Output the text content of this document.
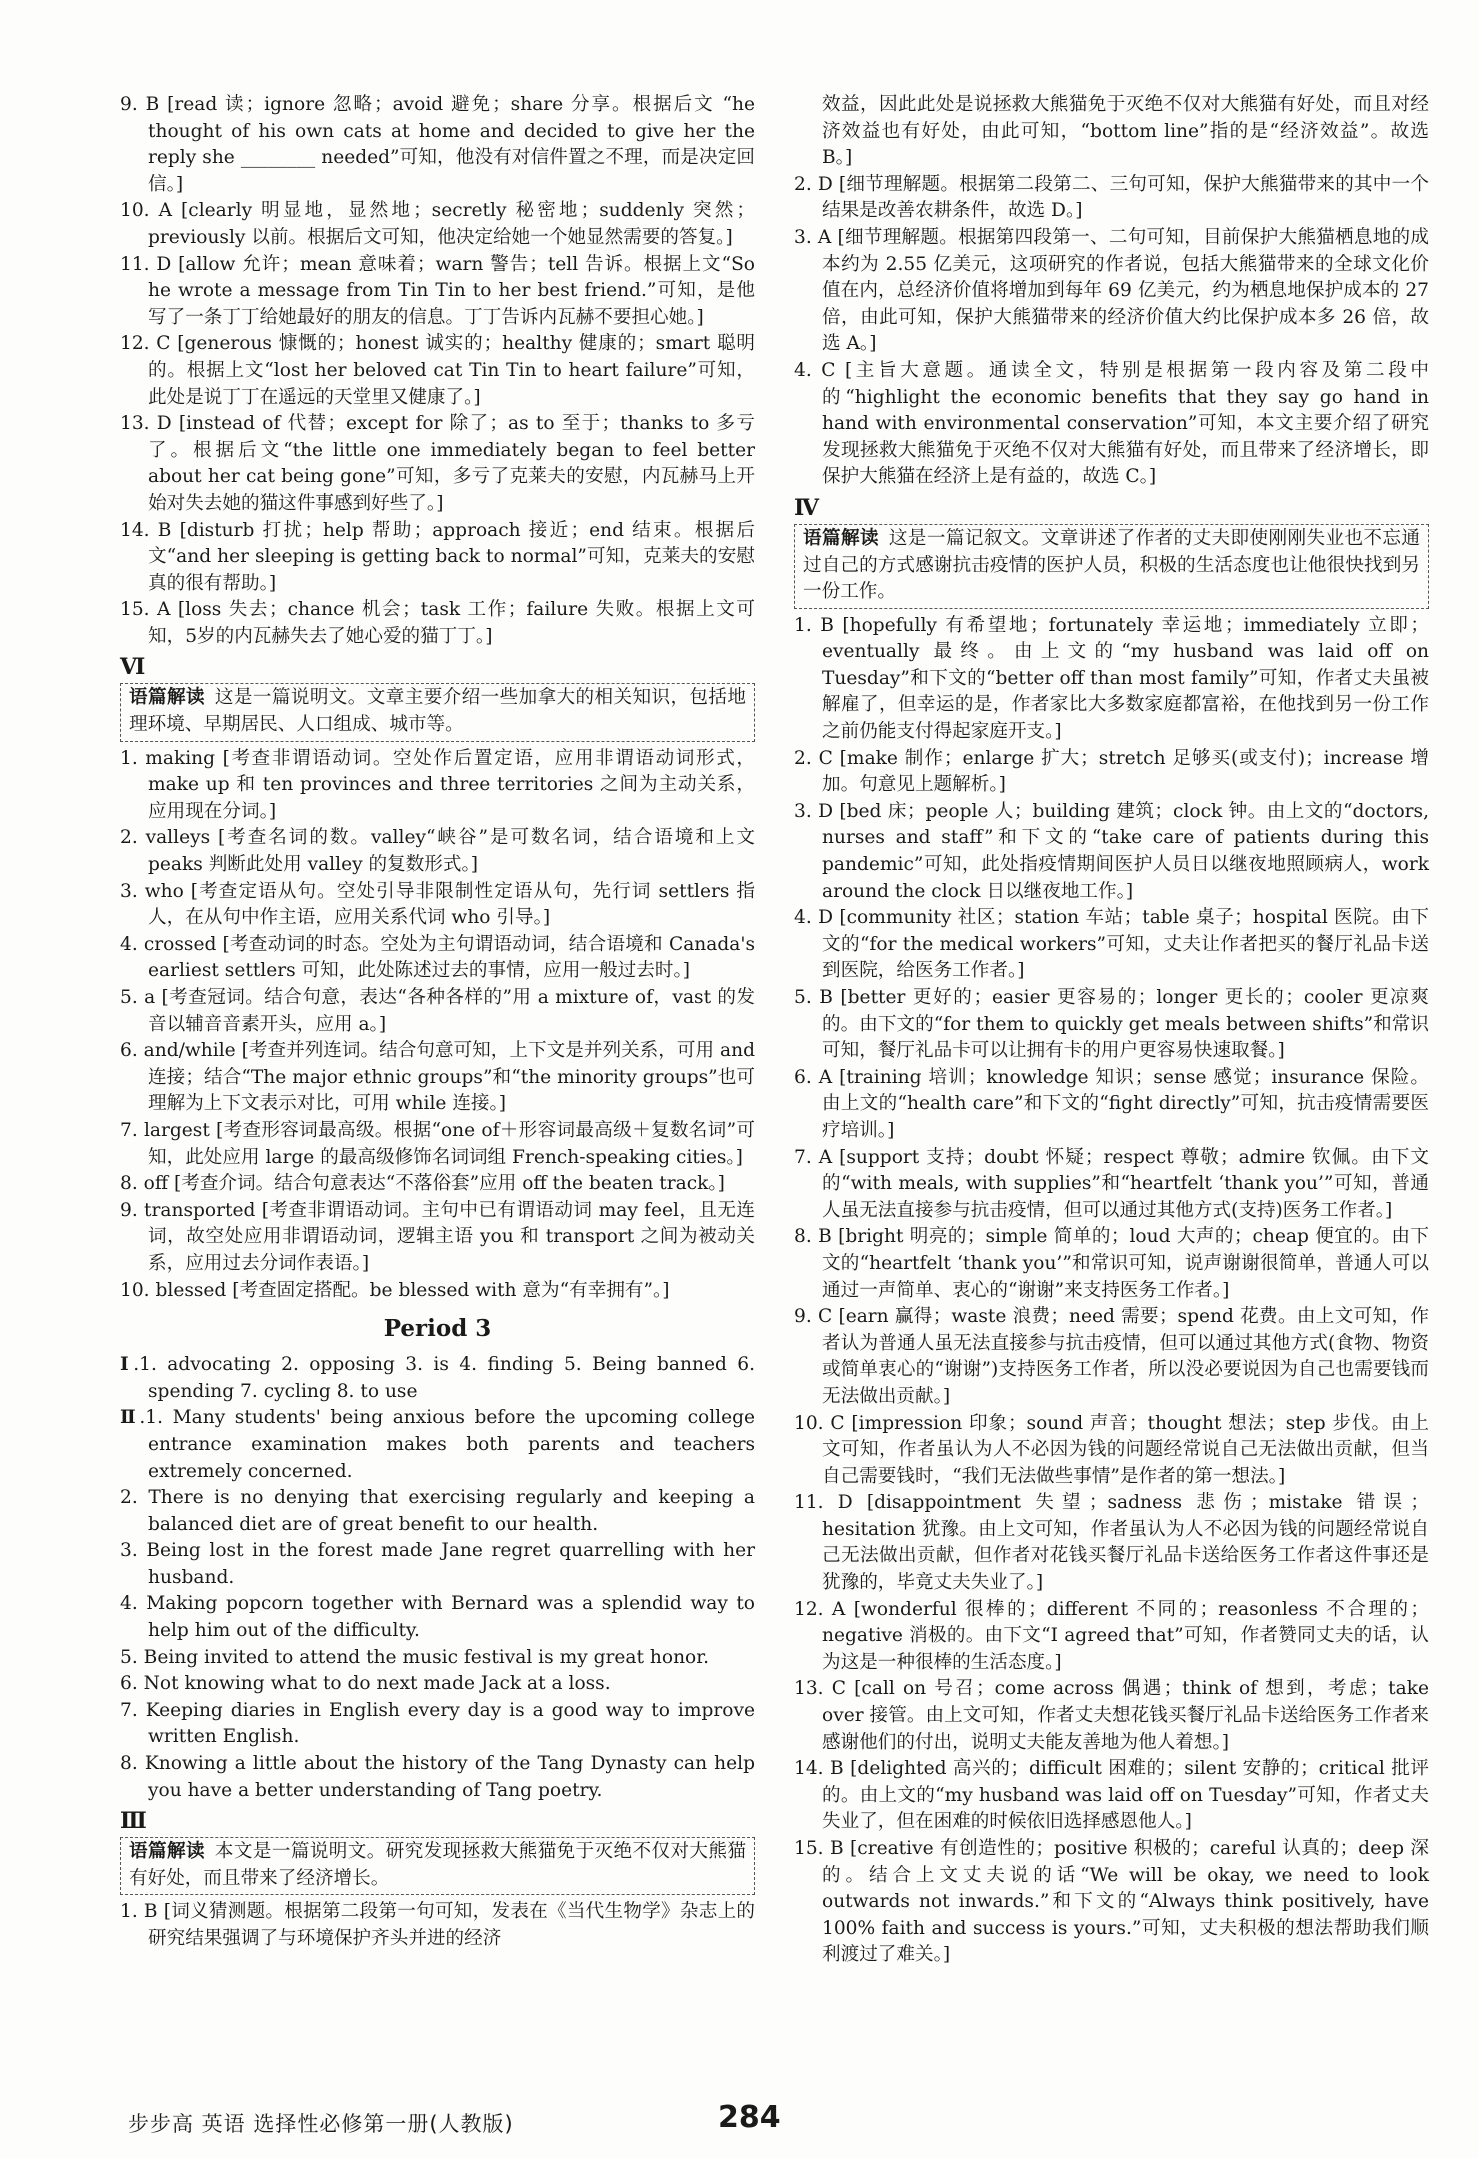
9. B [read 读；ignore 忽略；avoid 避免；share 分享。根据后文 “he thought of his own cats at home and decided to give her the reply she ________ needed”可知，他没有对信件置之不理，而是决定回信。]

10. A [clearly 明显地，显然地；secretly 秘密地；suddenly 突然；previously 以前。根据后文可知，他决定给她一个她显然需要的答复。]

11. D [allow 允许；mean 意味着；warn 警告；tell 告诉。根据上文“So he wrote a message from Tin Tin to her best friend.”可知，是他写了一条丁丁给她最好的朋友的信息。丁丁告诉内瓦赫不要担心她。]

12. C [generous 慷慨的；honest 诚实的；healthy 健康的；smart 聪明的。根据上文“lost her beloved cat Tin Tin to heart failure”可知，此处是说丁丁在遥远的天堂里又健康了。]

13. D [instead of 代替；except for 除了；as to 至于；thanks to 多亏了。根据后文“the little one immediately began to feel better about her cat being gone”可知，多亏了克莱夫的安慰，内瓦赫马上开始对失去她的猫这件事感到好些了。]

14. B [disturb 打扰；help 帮助；approach 接近；end 结束。根据后文“and her sleeping is getting back to normal”可知，克莱夫的安慰真的很有帮助。]

15. A [loss 失去；chance 机会；task 工作；failure 失败。根据上文可知，5岁的内瓦赫失去了她心爱的猫丁丁。]

Ⅵ
语篇解读 这是一篇说明文。文章主要介绍一些加拿大的相关知识，包括地理环境、早期居民、人口组成、城市等。

1. making [考查非谓语动词。空处作后置定语，应用非谓语动词形式，make up 和 ten provinces and three territories 之间为主动关系，应用现在分词。]

2. valleys [考查名词的数。valley“峡谷”是可数名词，结合语境和上文 peaks 判断此处用 valley 的复数形式。]

3. who [考查定语从句。空处引导非限制性定语从句，先行词 settlers 指人，在从句中作主语，应用关系代词 who 引导。]

4. crossed [考查动词的时态。空处为主句谓语动词，结合语境和 Canada's earliest settlers 可知，此处陈述过去的事情，应用一般过去时。]

5. a [考查冠词。结合句意，表达“各种各样的”用 a mixture of，vast 的发音以辅音音素开头，应用 a。]

6. and/while [考查并列连词。结合句意可知，上下文是并列关系，可用 and 连接；结合“The major ethnic groups”和“the minority groups”也可理解为上下文表示对比，可用 while 连接。]

7. largest [考查形容词最高级。根据“one of＋形容词最高级＋复数名词”可知，此处应用 large 的最高级修饰名词词组 French-speaking cities。]

8. off [考查介词。结合句意表达“不落俗套”应用 off the beaten track。]

9. transported [考查非谓语动词。主句中已有谓语动词 may feel，且无连词，故空处应用非谓语动词，逻辑主语 you 和 transport 之间为被动关系，应用过去分词作表语。]

10. blessed [考查固定搭配。be blessed with 意为“有幸拥有”。]

Period 3

Ⅰ.1. advocating 2. opposing 3. is 4. finding 5. Being banned 6. spending 7. cycling 8. to use

Ⅱ.1. Many students' being anxious before the upcoming college entrance examination makes both parents and teachers extremely concerned.

2. There is no denying that exercising regularly and keeping a balanced diet are of great benefit to our health.

3. Being lost in the forest made Jane regret quarrelling with her husband.

4. Making popcorn together with Bernard was a splendid way to help him out of the difficulty.

5. Being invited to attend the music festival is my great honor.

6. Not knowing what to do next made Jack at a loss.

7. Keeping diaries in English every day is a good way to improve written English.

8. Knowing a little about the history of the Tang Dynasty can help you have a better understanding of Tang poetry.

Ⅲ
语篇解读 本文是一篇说明文。研究发现拯救大熊猫免于灭绝不仅对大熊猫有好处，而且带来了经济增长。

1. B [词义猜测题。根据第二段第一句可知，发表在《当代生物学》杂志上的研究结果强调了与环境保护齐头并进的经济

效益，因此此处是说拯救大熊猫免于灭绝不仅对大熊猫有好处，而且对经济效益也有好处，由此可知，“bottom line”指的是“经济效益”。故选 B。]

2. D [细节理解题。根据第二段第二、三句可知，保护大熊猫带来的其中一个结果是改善农耕条件，故选 D。]

3. A [细节理解题。根据第四段第一、二句可知，目前保护大熊猫栖息地的成本约为 2.55 亿美元，这项研究的作者说，包括大熊猫带来的全球文化价值在内，总经济价值将增加到每年 69 亿美元，约为栖息地保护成本的 27 倍，由此可知，保护大熊猫带来的经济价值大约比保护成本多 26 倍，故选 A。]

4. C [主旨大意题。通读全文，特别是根据第一段内容及第二段中的“highlight the economic benefits that they say go hand in hand with environmental conservation”可知，本文主要介绍了研究发现拯救大熊猫免于灭绝不仅对大熊猫有好处，而且带来了经济增长，即保护大熊猫在经济上是有益的，故选 C。]

Ⅳ
语篇解读 这是一篇记叙文。文章讲述了作者的丈夫即使刚刚失业也不忘通过自己的方式感谢抗击疫情的医护人员，积极的生活态度也让他很快找到另一份工作。

1. B [hopefully 有希望地；fortunately 幸运地；immediately 立即；eventually 最终。由上文的“my husband was laid off on Tuesday”和下文的“better off than most family”可知，作者丈夫虽被解雇了，但幸运的是，作者家比大多数家庭都富裕，在他找到另一份工作之前仍能支付得起家庭开支。]

2. C [make 制作；enlarge 扩大；stretch 足够买(或支付)；increase 增加。句意见上题解析。]

3. D [bed 床；people 人；building 建筑；clock 钟。由上文的“doctors, nurses and staff”和下文的“take care of patients during this pandemic”可知，此处指疫情期间医护人员日以继夜地照顾病人，work around the clock 日以继夜地工作。]

4. D [community 社区；station 车站；table 桌子；hospital 医院。由下文的“for the medical workers”可知，丈夫让作者把买的餐厅礼品卡送到医院，给医务工作者。]

5. B [better 更好的；easier 更容易的；longer 更长的；cooler 更凉爽的。由下文的“for them to quickly get meals between shifts”和常识可知，餐厅礼品卡可以让拥有卡的用户更容易快速取餐。]

6. A [training 培训；knowledge 知识；sense 感觉；insurance 保险。由上文的“health care”和下文的“fight directly”可知，抗击疫情需要医疗培训。]

7. A [support 支持；doubt 怀疑；respect 尊敬；admire 钦佩。由下文的“with meals, with supplies”和“heartfelt ‘thank you’”可知，普通人虽无法直接参与抗击疫情，但可以通过其他方式(支持)医务工作者。]

8. B [bright 明亮的；simple 简单的；loud 大声的；cheap 便宜的。由下文的“heartfelt ‘thank you’”和常识可知，说声谢谢很简单，普通人可以通过一声简单、衷心的“谢谢”来支持医务工作者。]

9. C [earn 赢得；waste 浪费；need 需要；spend 花费。由上文可知，作者认为普通人虽无法直接参与抗击疫情，但可以通过其他方式(食物、物资或简单衷心的“谢谢”)支持医务工作者，所以没必要说因为自己也需要钱而无法做出贡献。]

10. C [impression 印象；sound 声音；thought 想法；step 步伐。由上文可知，作者虽认为人不必因为钱的问题经常说自己无法做出贡献，但当自己需要钱时，“我们无法做些事情”是作者的第一想法。]

11. D [disappointment 失望；sadness 悲伤；mistake 错误；hesitation 犹豫。由上文可知，作者虽认为人不必因为钱的问题经常说自己无法做出贡献，但作者对花钱买餐厅礼品卡送给医务工作者这件事还是犹豫的，毕竟丈夫失业了。]

12. A [wonderful 很棒的；different 不同的；reasonless 不合理的；negative 消极的。由下文“I agreed that”可知，作者赞同丈夫的话，认为这是一种很棒的生活态度。]

13. C [call on 号召；come across 偶遇；think of 想到，考虑；take over 接管。由上文可知，作者丈夫想花钱买餐厅礼品卡送给医务工作者来感谢他们的付出，说明丈夫能友善地为他人着想。]

14. B [delighted 高兴的；difficult 困难的；silent 安静的；critical 批评的。由上文的“my husband was laid off on Tuesday”可知，作者丈夫失业了，但在困难的时候依旧选择感恩他人。]

15. B [creative 有创造性的；positive 积极的；careful 认真的；deep 深的。结合上文丈夫说的话“We will be okay, we need to look outwards not inwards.”和下文的“Always think positively, have 100% faith and success is yours.”可知，丈夫积极的想法帮助我们顺利渡过了难关。]

步步高 英语 选择性必修第一册(人教版)	284
